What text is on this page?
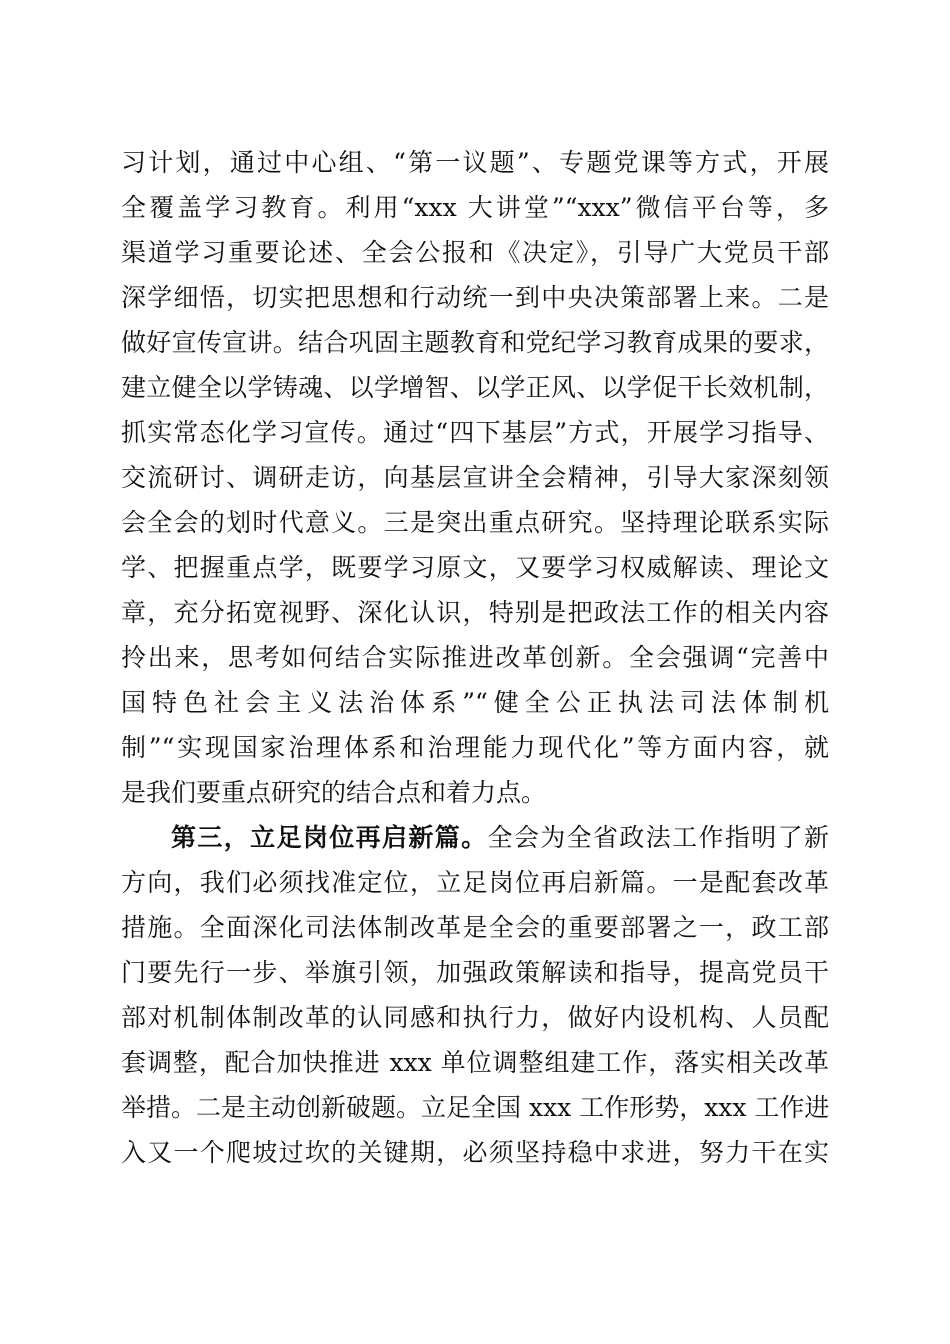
习计划，通过中心组、“第一议题”、专题党课等方式，开展
全覆盖学习教育。利用“xxx 大讲堂”“xxx”微信平台等，多
渠道学习重要论述、全会公报和《决定》，引导广大党员干部
深学细悟，切实把思想和行动统一到中央决策部署上来。二是
做好宣传宣讲。结合巩固主题教育和党纪学习教育成果的要求，
建立健全以学铸魂、以学增智、以学正风、以学促干长效机制，
抓实常态化学习宣传。通过“四下基层”方式，开展学习指导、
交流研讨、调研走访，向基层宣讲全会精神，引导大家深刻领
会全会的划时代意义。三是突出重点研究。坚持理论联系实际
学、把握重点学，既要学习原文，又要学习权威解读、理论文
章，充分拓宽视野、深化认识，特别是把政法工作的相关内容
拎出来，思考如何结合实际推进改革创新。全会强调“完善中
国特色社会主义法治体系”“健全公正执法司法体制机
制”“实现国家治理体系和治理能力现代化”等方面内容，就
是我们要重点研究的结合点和着力点。
第三，立足岗位再启新篇。全会为全省政法工作指明了新
方向，我们必须找准定位，立足岗位再启新篇。一是配套改革
措施。全面深化司法体制改革是全会的重要部署之一，政工部
门要先行一步、举旗引领，加强政策解读和指导，提高党员干
部对机制体制改革的认同感和执行力，做好内设机构、人员配
套调整，配合加快推进 xxx 单位调整组建工作，落实相关改革
举措。二是主动创新破题。立足全国 xxx 工作形势，xxx 工作进
入又一个爬坡过坎的关键期，必须坚持稳中求进，努力干在实
